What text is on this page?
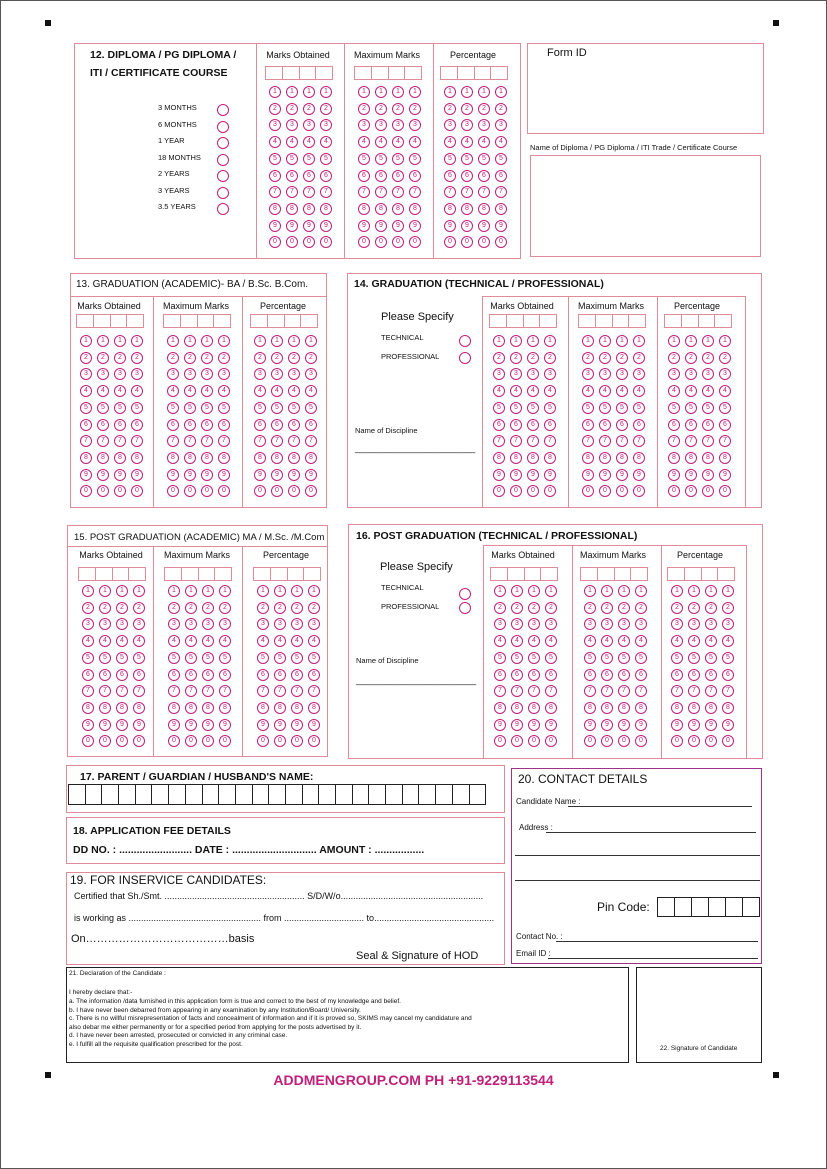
12. DIPLOMA / PG DIPLOMA /
ITI / CERTIFICATE COURSE
Form ID
Name of Diploma / PG Diploma / ITI Trade / Certificate Course
13. GRADUATION (ACADEMIC)- BA / B.Sc. B.Com.	14. GRADUATION (TECHNICAL / PROFESSIONAL)
Please Specify
TECHNICAL
PROFESSIONAL
Name of Discipline
________________________
15. POST GRADUATION (ACADEMIC) MA / M.Sc. /M.Com	16. POST GRADUATION (TECHNICAL / PROFESSIONAL)
Please Specify
TECHNICAL
PROFESSIONAL
Name of Discipline
________________________
17. PARENT / GUARDIAN / HUSBAND'S NAME:
18. APPLICATION FEE DETAILS
DD NO. : ......................... DATE : ............................. AMOUNT : .................
19. FOR INSERVICE CANDIDATES:
Certified that Sh./Smt. ........................................................ S/D/W/o.........................................................
is working as ..................................................... from ................................ to................................................
On…………………………………basis
Seal & Signature of HOD
20. CONTACT DETAILS
Candidate Name :
Address :
Pin Code:
Contact No. :
Email ID :
21. Declaration of the Candidate :
I hereby declare that:-
22. Signature of Candidate
ADDMENGROUP.COM PH +91-9229113544
3 MONTHS
6 MONTHS
1 YEAR
18 MONTHS
2 YEARS
3 YEARS
3.5 YEARS
Marks Obtained
1	1	1	1
2	2	2	2
3	3	3	3
4	4	4	4
5	5	5	5
6	6	6	6
7	7	7	7
8	8	8	8
9	9	9	9
0	0	0	0
Maximum Marks
1	1	1	1
2	2	2	2
3	3	3	3
4	4	4	4
5	5	5	5
6	6	6	6
7	7	7	7
8	8	8	8
9	9	9	9
0	0	0	0
Percentage
1	1	1	1
2	2	2	2
3	3	3	3
4	4	4	4
5	5	5	5
6	6	6	6
7	7	7	7
8	8	8	8
9	9	9	9
0	0	0	0
Marks Obtained
1	1	1	1
2	2	2	2
3	3	3	3
4	4	4	4
5	5	5	5
6	6	6	6
7	7	7	7
8	8	8	8
9	9	9	9
0	0	0	0
Maximum Marks
1	1	1	1
2	2	2	2
3	3	3	3
4	4	4	4
5	5	5	5
6	6	6	6
7	7	7	7
8	8	8	8
9	9	9	9
0	0	0	0
Percentage
1	1	1	1
2	2	2	2
3	3	3	3
4	4	4	4
5	5	5	5
6	6	6	6
7	7	7	7
8	8	8	8
9	9	9	9
0	0	0	0
Marks Obtained
1	1	1	1
2	2	2	2
3	3	3	3
4	4	4	4
5	5	5	5
6	6	6	6
7	7	7	7
8	8	8	8
9	9	9	9
0	0	0	0
Maximum Marks
1	1	1	1
2	2	2	2
3	3	3	3
4	4	4	4
5	5	5	5
6	6	6	6
7	7	7	7
8	8	8	8
9	9	9	9
0	0	0	0
Percentage
1	1	1	1
2	2	2	2
3	3	3	3
4	4	4	4
5	5	5	5
6	6	6	6
7	7	7	7
8	8	8	8
9	9	9	9
0	0	0	0
Marks Obtained
1	1	1	1
2	2	2	2
3	3	3	3
4	4	4	4
5	5	5	5
6	6	6	6
7	7	7	7
8	8	8	8
9	9	9	9
0	0	0	0
Maximum Marks
1	1	1	1
2	2	2	2
3	3	3	3
4	4	4	4
5	5	5	5
6	6	6	6
7	7	7	7
8	8	8	8
9	9	9	9
0	0	0	0
Percentage
1	1	1	1
2	2	2	2
3	3	3	3
4	4	4	4
5	5	5	5
6	6	6	6
7	7	7	7
8	8	8	8
9	9	9	9
0	0	0	0
Marks Obtained
1	1	1	1
2	2	2	2
3	3	3	3
4	4	4	4
5	5	5	5
6	6	6	6
7	7	7	7
8	8	8	8
9	9	9	9
0	0	0	0
Maximum Marks
1	1	1	1
2	2	2	2
3	3	3	3
4	4	4	4
5	5	5	5
6	6	6	6
7	7	7	7
8	8	8	8
9	9	9	9
0	0	0	0
Percentage
1	1	1	1
2	2	2	2
3	3	3	3
4	4	4	4
5	5	5	5
6	6	6	6
7	7	7	7
8	8	8	8
9	9	9	9
0	0	0	0
a. The information /data furnished in this application form is true and correct to the best of my knowledge and belief.
b. I have never been debarred from appearing in any examination by any Institution/Board/ University.
c. There is no willful misrepresentation of facts and concealment of information and if it is proved so, SKIMS may cancel my candidature and
also debar me either permanently or for a specified period from applying for the posts advertised by it.
d. I have never been arrested, prosecuted or convicted in any criminal case.
e. I fulfill all the requisite qualification prescribed for the post.
